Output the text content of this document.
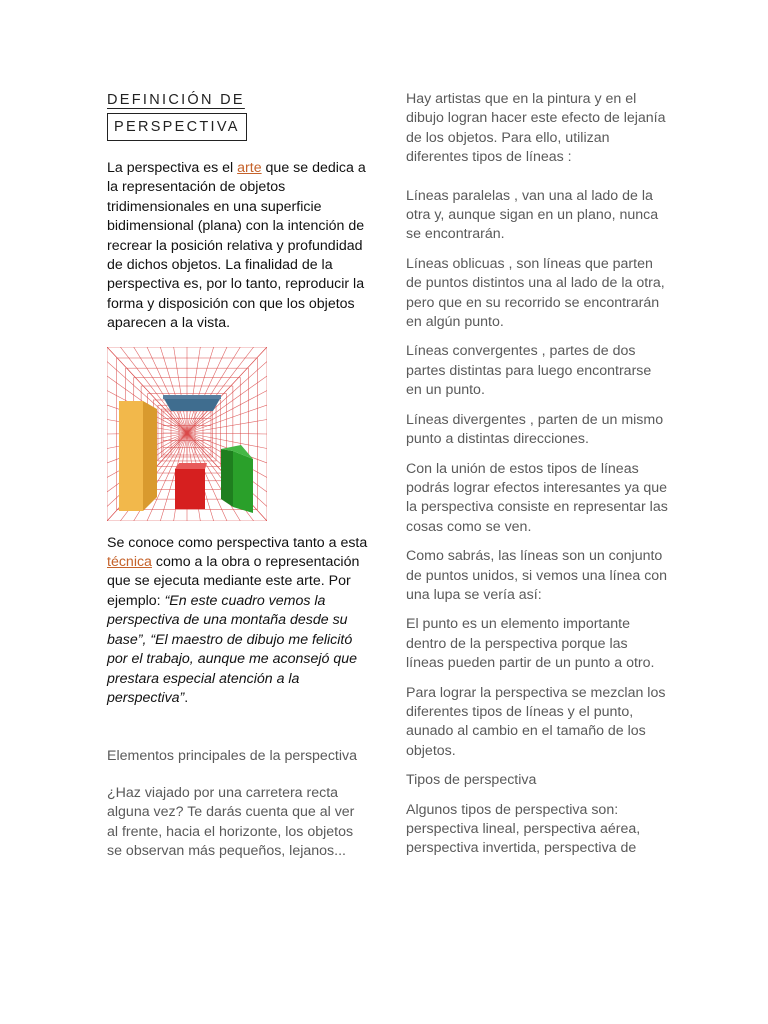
DEFINICIÓN DE
PERSPECTIVA

La perspectiva es el arte que se dedica a la representación de objetos tridimensionales en una superficie bidimensional (plana) con la intención de recrear la posición relativa y profundidad de dichos objetos. La finalidad de la perspectiva es, por lo tanto, reproducir la forma y disposición con que los objetos aparecen a la vista.

Se conoce como perspectiva tanto a esta técnica como a la obra o representación que se ejecuta mediante este arte. Por ejemplo: “En este cuadro vemos la perspectiva de una montaña desde su base”, “El maestro de dibujo me felicitó por el trabajo, aunque me aconsejó que prestara especial atención a la perspectiva”.

Elementos principales de la perspectiva

¿Haz viajado por una carretera recta alguna vez? Te darás cuenta que al ver al frente, hacia el horizonte, los objetos se observan más pequeños, lejanos...

Hay artistas que en la pintura y en el dibujo logran hacer este efecto de lejanía de los objetos. Para ello, utilizan diferentes tipos de líneas :

Líneas paralelas , van una al lado de la otra y, aunque sigan en un plano, nunca se encontrarán.

Líneas oblicuas , son líneas que parten de puntos distintos una al lado de la otra, pero que en su recorrido se encontrarán en algún punto.

Líneas convergentes , partes de dos partes distintas para luego encontrarse en un punto.

Líneas divergentes , parten de un mismo punto a distintas direcciones.

Con la unión de estos tipos de líneas podrás lograr efectos interesantes ya que la perspectiva consiste en representar las cosas como se ven.

Como sabrás, las líneas son un conjunto de puntos unidos, si vemos una línea con una lupa se vería así:

El punto es un elemento importante dentro de la perspectiva porque las líneas pueden partir de un punto a otro.

Para lograr la perspectiva se mezclan los diferentes tipos de líneas y el punto, aunado al cambio en el tamaño de los objetos.

Tipos de perspectiva

Algunos tipos de perspectiva son: perspectiva lineal, perspectiva aérea, perspectiva invertida, perspectiva de
